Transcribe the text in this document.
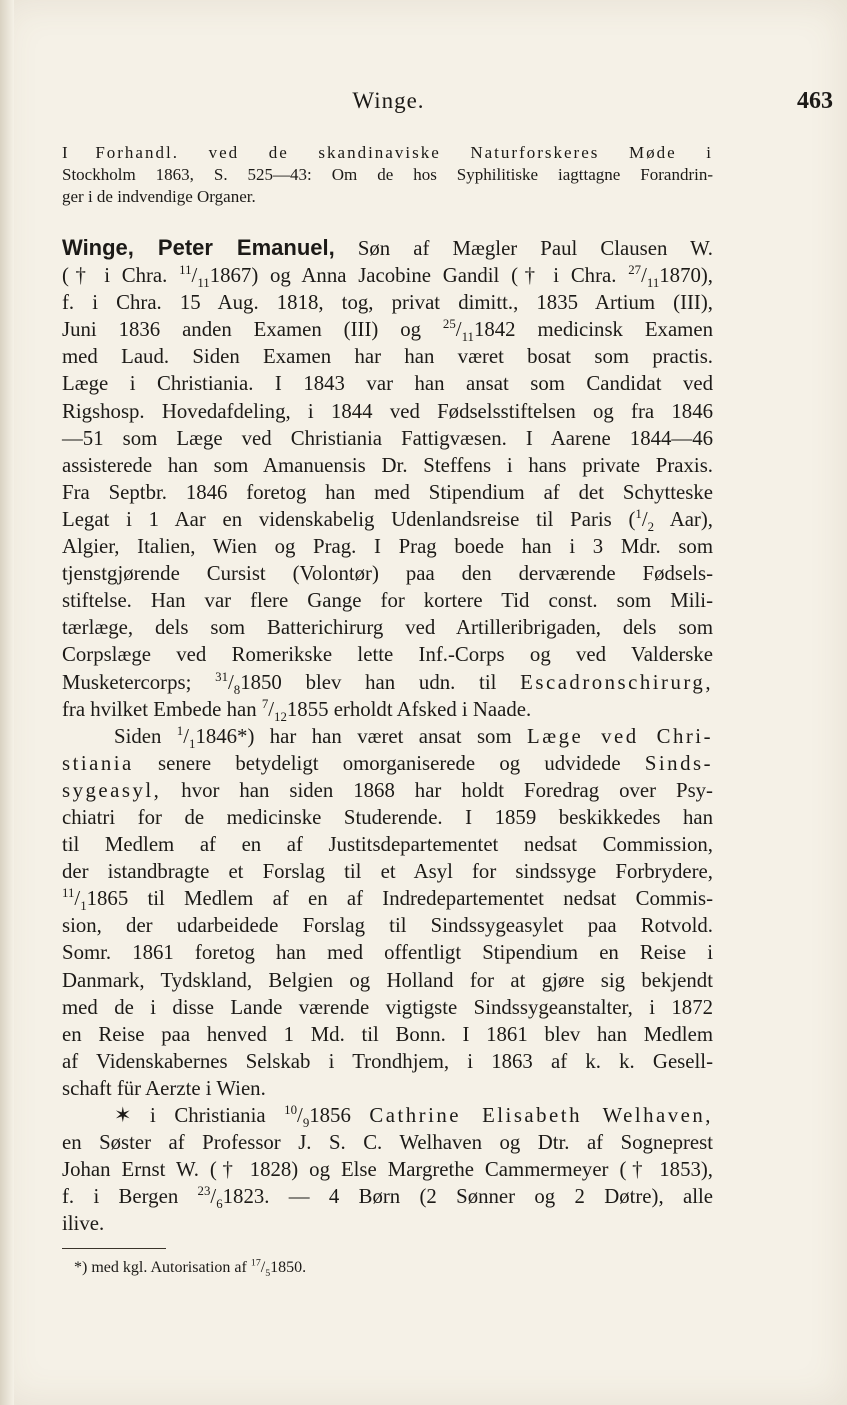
Winge.	463
I Forhandl. ved de skandinaviske Naturforskeres Møde i
Stockholm 1863, S. 525—43: Om de hos Syphilitiske iagttagne Forandrin-
ger i de indvendige Organer.
Winge, Peter Emanuel, Søn af Mægler Paul Clausen W.
(† i Chra. $^{11}/_{11}1867$) og Anna Jacobine Gandil († i Chra. $^{27}/_{11}1870$),
f. i Chra. 15 Aug. 1818, tog, privat dimitt., 1835 Artium (III),
Juni 1836 anden Examen (III) og $^{25}/_{11}1842$ medicinsk Examen
med Laud. Siden Examen har han været bosat som practis.
Læge i Christiania. I 1843 var han ansat som Candidat ved
Rigshosp. Hovedafdeling, i 1844 ved Fødselsstiftelsen og fra 1846
—51 som Læge ved Christiania Fattigvæsen. I Aarene 1844—46
assisterede han som Amanuensis Dr. Steffens i hans private Praxis.
Fra Septbr. 1846 foretog han med Stipendium af det Schytteske
Legat i 1 Aar en videnskabelig Udenlandsreise til Paris ($^1/_2$ Aar),
Algier, Italien, Wien og Prag. I Prag boede han i 3 Mdr. som
tjenstgjørende Cursist (Volontør) paa den derværende Fødsels-
stiftelse. Han var flere Gange for kortere Tid const. som Mili-
tærlæge, dels som Batterichirurg ved Artilleribrigaden, dels som
Corpslæge ved Romerikske lette Inf.-Corps og ved Valderske
Musketercorps; $^{31}/_81850$ blev han udn. til Escadronschirurg,
fra hvilket Embede han $^7/_{12}1855$ erholdt Afsked i Naade.
Siden $^1/_11846*$) har han været ansat som Læge ved Chri-
stiania senere betydeligt omorganiserede og udvidede Sinds-
sygeasyl, hvor han siden 1868 har holdt Foredrag over Psy-
chiatri for de medicinske Studerende. I 1859 beskikkedes han
til Medlem af en af Justitsdepartementet nedsat Commission,
der istandbragte et Forslag til et Asyl for sindssyge Forbrydere,
$^{11}/_11865$ til Medlem af en af Indredepartementet nedsat Commis-
sion, der udarbeidede Forslag til Sindssygeasylet paa Rotvold.
Somr. 1861 foretog han med offentligt Stipendium en Reise i
Danmark, Tydskland, Belgien og Holland for at gjøre sig bekjendt
med de i disse Lande værende vigtigste Sindssygeanstalter, i 1872
en Reise paa henved 1 Md. til Bonn. I 1861 blev han Medlem
af Videnskabernes Selskab i Trondhjem, i 1863 af k. k. Gesell-
schaft für Aerzte i Wien.
✶ i Christiania $^{10}/_91856$ Cathrine Elisabeth Welhaven,
en Søster af Professor J. S. C. Welhaven og Dtr. af Sogneprest
Johan Ernst W. († 1828) og Else Margrethe Cammermeyer († 1853),
f. i Bergen $^{23}/_61823$. — 4 Børn (2 Sønner og 2 Døtre), alle
ilive.
*) med kgl. Autorisation af $^{17}/_51850$.
